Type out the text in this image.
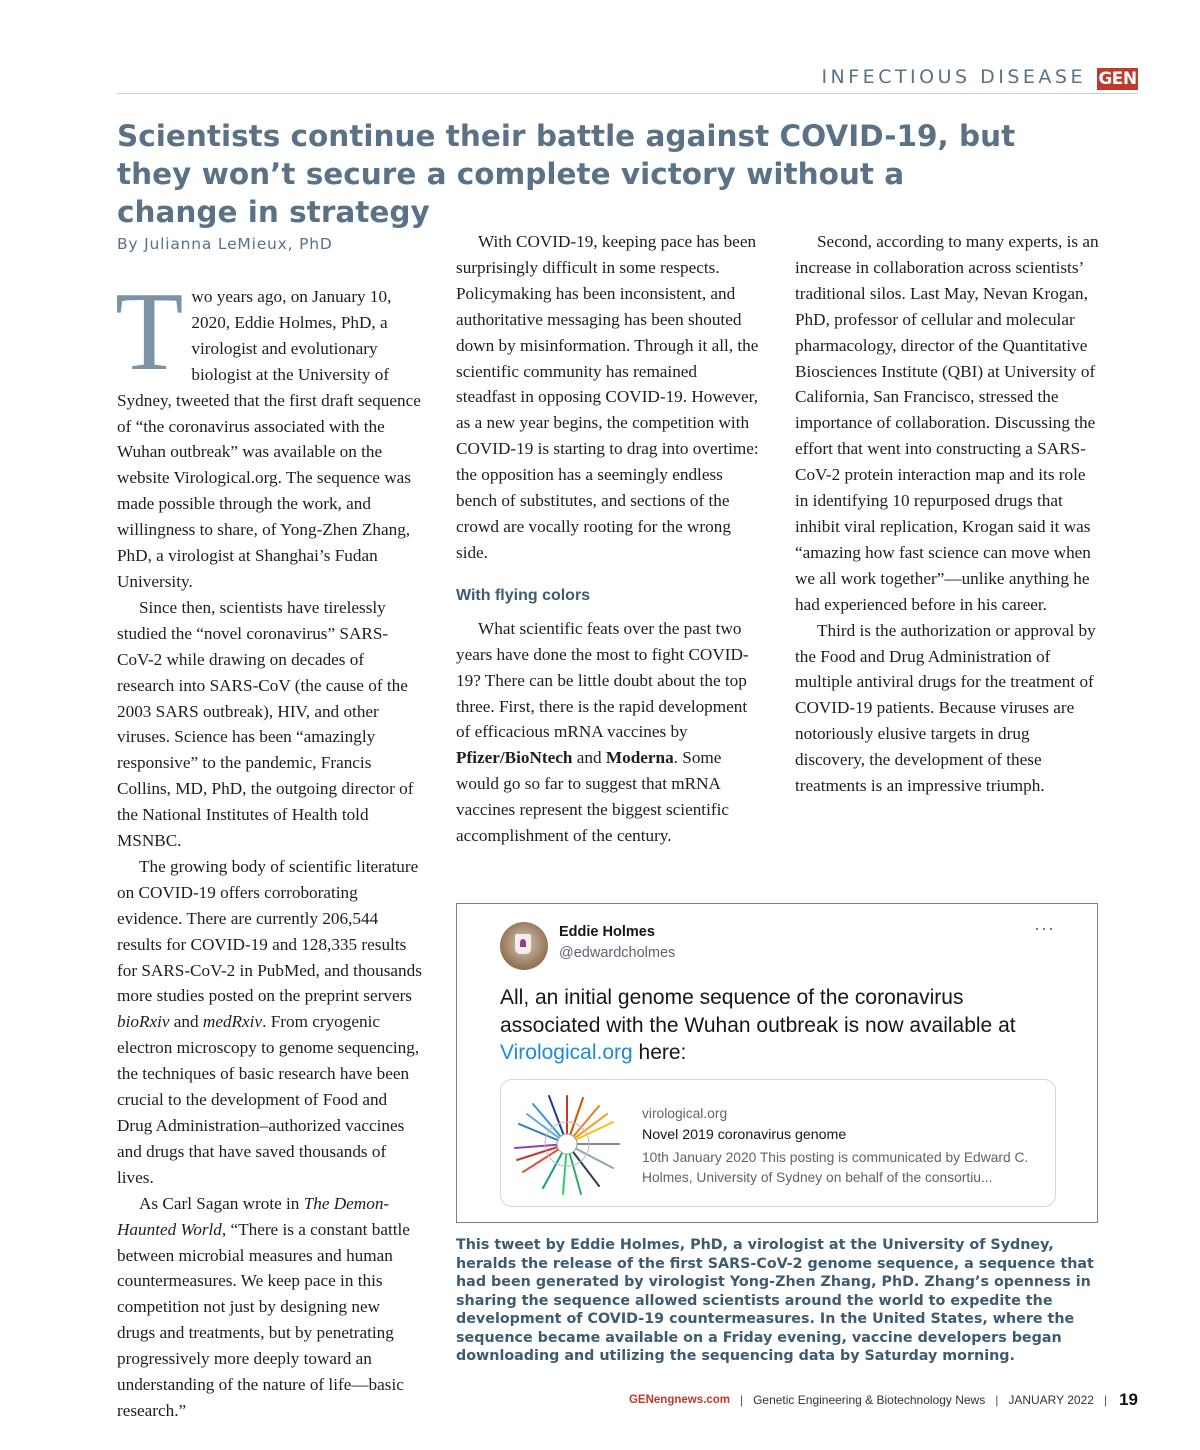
INFECTIOUS DISEASE GEN
Scientists continue their battle against COVID-19, but they won’t secure a complete victory without a change in strategy
By Julianna LeMieux, PhD

Two years ago, on January 10, 2020, Eddie Holmes, PhD, a virologist and evolutionary biologist at the University of Sydney, tweeted that the first draft sequence of “the coronavirus associated with the Wuhan outbreak” was available on the website Virological.org. The sequence was made possible through the work, and willingness to share, of Yong-Zhen Zhang, PhD, a virologist at Shanghai’s Fudan University.

Since then, scientists have tirelessly studied the “novel coronavirus” SARS-CoV-2 while drawing on decades of research into SARS-CoV (the cause of the 2003 SARS outbreak), HIV, and other viruses. Science has been “amazingly responsive” to the pandemic, Francis Collins, MD, PhD, the outgoing director of the National Institutes of Health told MSNBC.

The growing body of scientific literature on COVID-19 offers corroborating evidence. There are currently 206,544 results for COVID-19 and 128,335 results for SARS-CoV-2 in PubMed, and thousands more studies posted on the preprint servers bioRxiv and medRxiv. From cryogenic electron microscopy to genome sequencing, the techniques of basic research have been crucial to the development of Food and Drug Administration–authorized vaccines and drugs that have saved thousands of lives.

As Carl Sagan wrote in The Demon-Haunted World, “There is a constant battle between microbial measures and human countermeasures. We keep pace in this competition not just by designing new drugs and treatments, but by penetrating progressively more deeply toward an understanding of the nature of life—basic research.”

With COVID-19, keeping pace has been surprisingly difficult in some respects. Policymaking has been inconsistent, and authoritative messaging has been shouted down by misinformation. Through it all, the scientific community has remained steadfast in opposing COVID-19. However, as a new year begins, the competition with COVID-19 is starting to drag into overtime: the opposition has a seemingly endless bench of substitutes, and sections of the crowd are vocally rooting for the wrong side.

With flying colors

What scientific feats over the past two years have done the most to fight COVID-19? There can be little doubt about the top three. First, there is the rapid development of efficacious mRNA vaccines by Pfizer/BioNtech and Moderna. Some would go so far to suggest that mRNA vaccines represent the biggest scientific accomplishment of the century.

Second, according to many experts, is an increase in collaboration across scientists’ traditional silos. Last May, Nevan Krogan, PhD, professor of cellular and molecular pharmacology, director of the Quantitative Biosciences Institute (QBI) at University of California, San Francisco, stressed the importance of collaboration. Discussing the effort that went into constructing a SARS-CoV-2 protein interaction map and its role in identifying 10 repurposed drugs that inhibit viral replication, Krogan said it was “amazing how fast science can move when we all work together”—unlike anything he had experienced before in his career.

Third is the authorization or approval by the Food and Drug Administration of multiple antiviral drugs for the treatment of COVID-19 patients. Because viruses are notoriously elusive targets in drug discovery, the development of these treatments is an impressive triumph.

Eddie Holmes
@edwardcholmes
···
All, an initial genome sequence of the coronavirus associated with the Wuhan outbreak is now available at Virological.org here:
virological.org
Novel 2019 coronavirus genome
10th January 2020 This posting is communicated by Edward C. Holmes, University of Sydney on behalf of the consortiu...

This tweet by Eddie Holmes, PhD, a virologist at the University of Sydney, heralds the release of the first SARS-CoV-2 genome sequence, a sequence that had been generated by virologist Yong-Zhen Zhang, PhD. Zhang’s openness in sharing the sequence allowed scientists around the world to expedite the development of COVID-19 countermeasures. In the United States, where the sequence became available on a Friday evening, vaccine developers began downloading and utilizing the sequencing data by Saturday morning.

GENengnews.com | Genetic Engineering & Biotechnology News | JANUARY 2022 | 19
